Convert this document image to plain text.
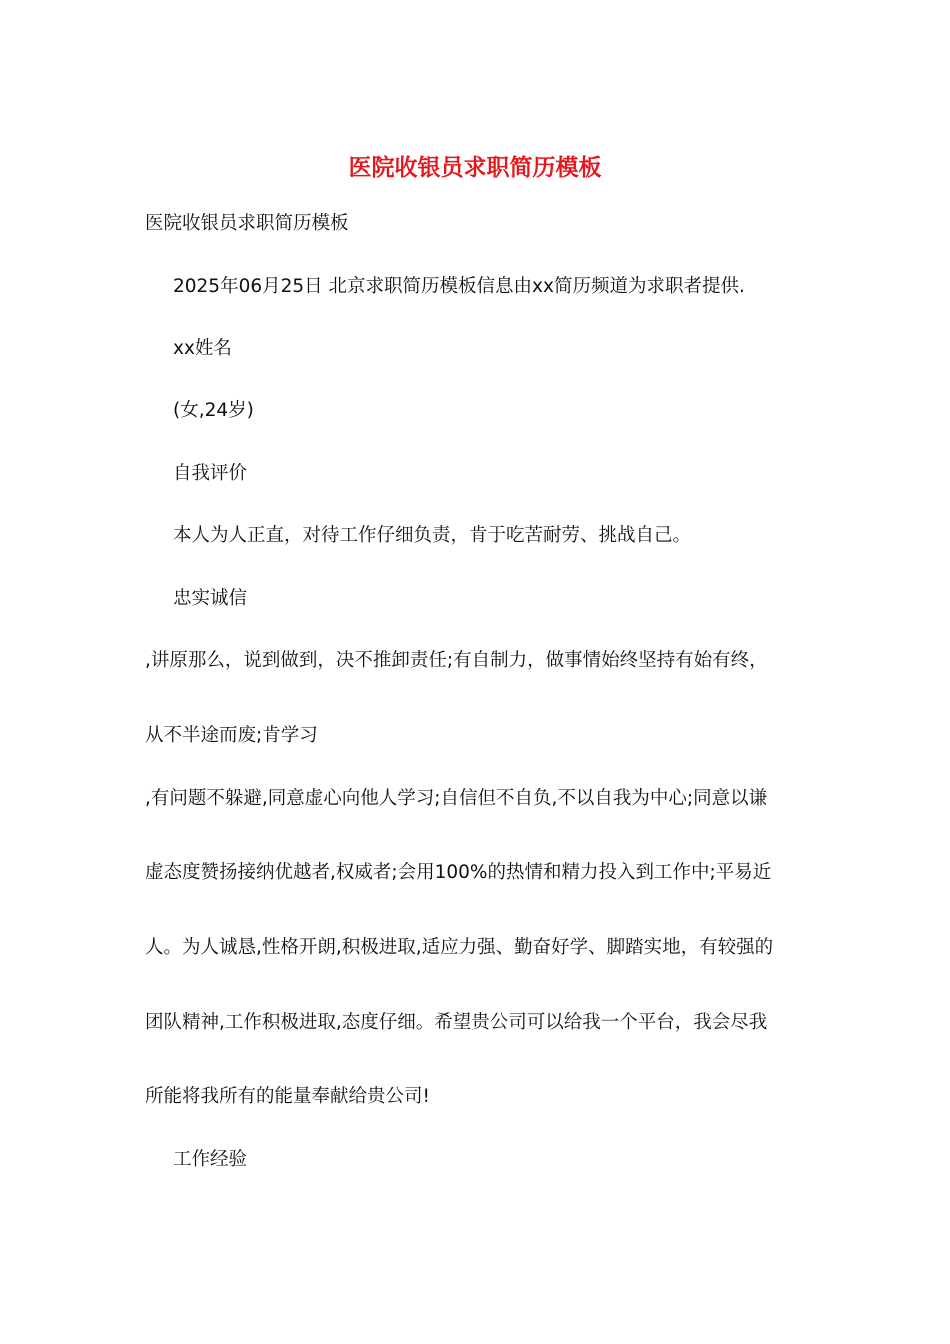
医院收银员求职简历模板

医院收银员求职简历模板

2025年06月25日 北京求职简历模板信息由xx简历频道为求职者提供.

xx姓名

(女,24岁)

自我评价

本人为人正直，对待工作仔细负责，肯于吃苦耐劳、挑战自己。

忠实诚信

,讲原那么，说到做到，决不推卸责任;有自制力，做事情始终坚持有始有终，

从不半途而废;肯学习

,有问题不躲避,同意虚心向他人学习;自信但不自负,不以自我为中心;同意以谦

虚态度赞扬接纳优越者,权威者;会用100%的热情和精力投入到工作中;平易近

人。为人诚恳,性格开朗,积极进取,适应力强、勤奋好学、脚踏实地，有较强的

团队精神,工作积极进取,态度仔细。希望贵公司可以给我一个平台，我会尽我

所能将我所有的能量奉献给贵公司!

工作经验
